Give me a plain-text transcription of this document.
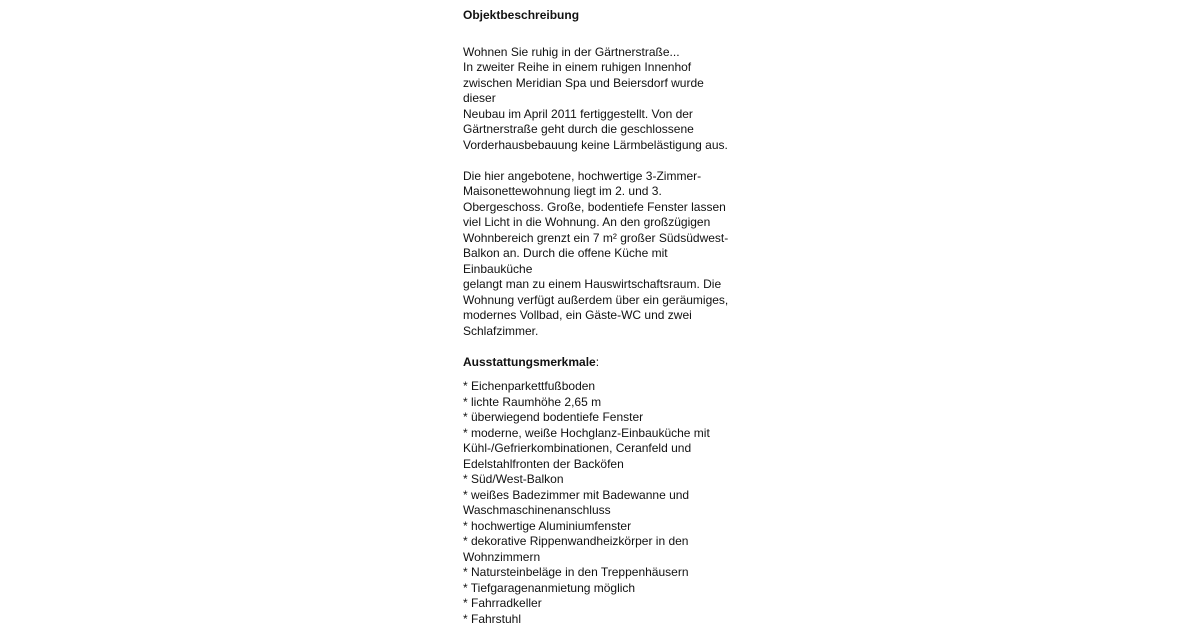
Objektbeschreibung

Wohnen Sie ruhig in der Gärtnerstraße...
In zweiter Reihe in einem ruhigen Innenhof
zwischen Meridian Spa und Beiersdorf wurde dieser
Neubau im April 2011 fertiggestellt. Von der
Gärtnerstraße geht durch die geschlossene
Vorderhausbebauung keine Lärmbelästigung aus.
Die hier angebotene, hochwertige 3-Zimmer-
Maisonettewohnung liegt im 2. und 3.
Obergeschoss. Große, bodentiefe Fenster lassen
viel Licht in die Wohnung. An den großzügigen
Wohnbereich grenzt ein 7 m² großer Südsüdwest-
Balkon an. Durch die offene Küche mit Einbauküche
gelangt man zu einem Hauswirtschaftsraum. Die
Wohnung verfügt außerdem über ein geräumiges,
modernes Vollbad, ein Gäste-WC und zwei
Schlafzimmer.

Ausstattungsmerkmale:

* Eichenparkettfußboden
* lichte Raumhöhe 2,65 m
* überwiegend bodentiefe Fenster
* moderne, weiße Hochglanz-Einbauküche mit
Kühl-/Gefrierkombinationen, Ceranfeld und
Edelstahlfronten der Backöfen
* Süd/West-Balkon
* weißes Badezimmer mit Badewanne und
Waschmaschinenanschluss
* hochwertige Aluminiumfenster
* dekorative Rippenwandheizkörper in den
Wohnzimmern
* Natursteinbeläge in den Treppenhäusern
* Tiefgaragenanmietung möglich
* Fahrradkeller
* Fahrstuhl
